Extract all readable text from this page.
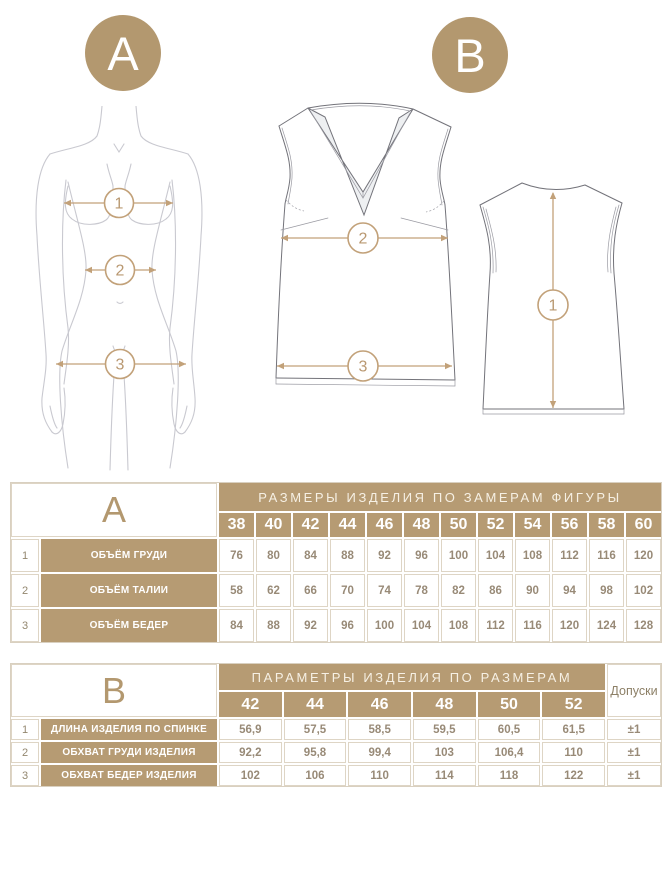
A	B
1
2
3
2
3
1
A	РАЗМЕРЫ ИЗДЕЛИЯ ПО ЗАМЕРАМ ФИГУРЫ
38	40	42	44	46	48	50	52	54	56	58	60
1	ОБЪЁМ ГРУДИ	76	80	84	88	92	96	100	104	108	112	116	120
2	ОБЪЁМ ТАЛИИ	58	62	66	70	74	78	82	86	90	94	98	102
3	ОБЪЁМ БЕДЕР	84	88	92	96	100	104	108	112	116	120	124	128
B	ПАРАМЕТРЫ ИЗДЕЛИЯ ПО РАЗМЕРАМ
Допуски
42	44	46	48	50	52
1	ДЛИНА ИЗДЕЛИЯ ПО СПИНКЕ	56,9	57,5	58,5	59,5	60,5	61,5	±1
2	ОБХВАТ ГРУДИ ИЗДЕЛИЯ	92,2	95,8	99,4	103	106,4	110	±1
3	ОБХВАТ БЕДЕР ИЗДЕЛИЯ	102	106	110	114	118	122	±1
